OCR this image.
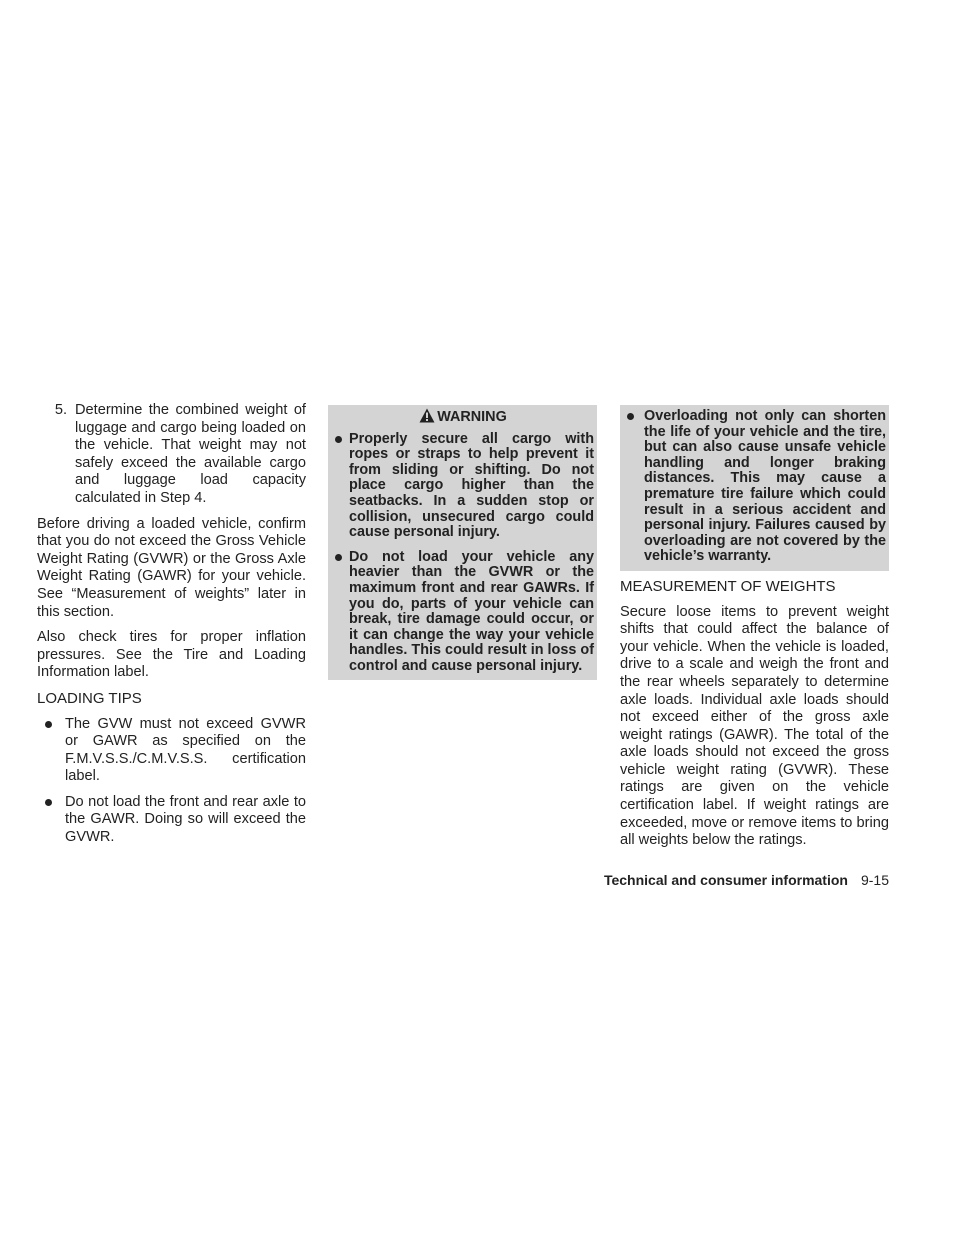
5. Determine the combined weight of luggage and cargo being loaded on the vehicle. That weight may not safely exceed the available cargo and luggage load capacity calculated in Step 4.

Before driving a loaded vehicle, confirm that you do not exceed the Gross Vehicle Weight Rating (GVWR) or the Gross Axle Weight Rating (GAWR) for your vehicle. See “Measurement of weights” later in this section.

Also check tires for proper inflation pressures. See the Tire and Loading Information label.

LOADING TIPS
The GVW must not exceed GVWR or GAWR as specified on the F.M.V.S.S./C.M.V.S.S. certification label.
Do not load the front and rear axle to the GAWR. Doing so will exceed the GVWR.
WARNING
Properly secure all cargo with ropes or straps to help prevent it from sliding or shifting. Do not place cargo higher than the seatbacks. In a sudden stop or collision, unsecured cargo could cause personal injury.
Do not load your vehicle any heavier than the GVWR or the maximum front and rear GAWRs. If you do, parts of your vehicle can break, tire damage could occur, or it can change the way your vehicle handles. This could result in loss of control and cause personal injury.
Overloading not only can shorten the life of your vehicle and the tire, but can also cause unsafe vehicle handling and longer braking distances. This may cause a premature tire failure which could result in a serious accident and personal injury. Failures caused by overloading are not covered by the vehicle’s warranty.
MEASUREMENT OF WEIGHTS

Secure loose items to prevent weight shifts that could affect the balance of your vehicle. When the vehicle is loaded, drive to a scale and weigh the front and the rear wheels separately to determine axle loads. Individual axle loads should not exceed either of the gross axle weight ratings (GAWR). The total of the axle loads should not exceed the gross vehicle weight rating (GVWR). These ratings are given on the vehicle certification label. If weight ratings are exceeded, move or remove items to bring all weights below the ratings.

Technical and consumer information 9-15
